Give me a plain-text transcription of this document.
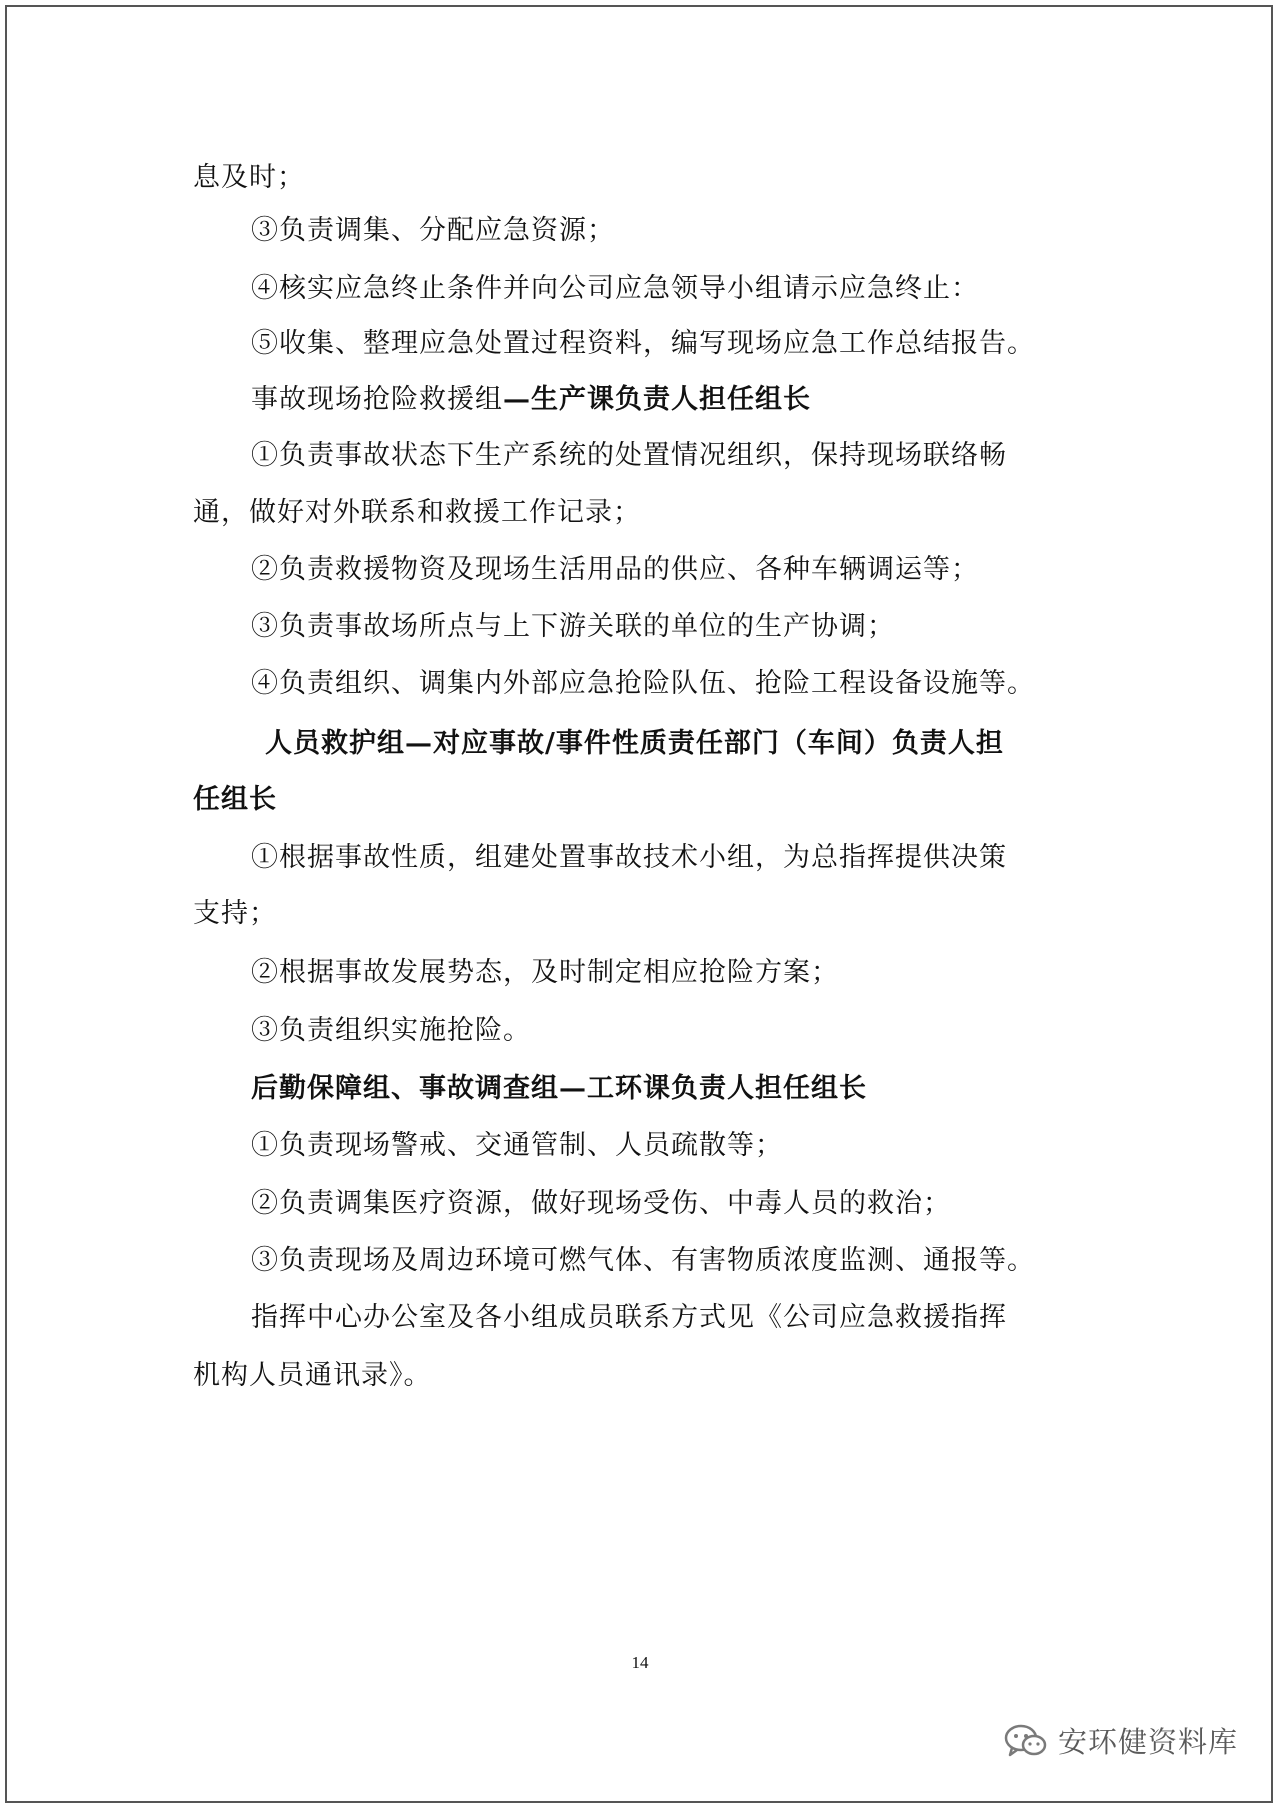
息及时；
③负责调集、分配应急资源；
④核实应急终止条件并向公司应急领导小组请示应急终止：
⑤收集、整理应急处置过程资料，编写现场应急工作总结报告。
事故现场抢险救援组—生产课负责人担任组长
①负责事故状态下生产系统的处置情况组织，保持现场联络畅
通，做好对外联系和救援工作记录；
②负责救援物资及现场生活用品的供应、各种车辆调运等；
③负责事故场所点与上下游关联的单位的生产协调；
④负责组织、调集内外部应急抢险队伍、抢险工程设备设施等。
人员救护组—对应事故/事件性质责任部门（车间）负责人担
任组长
①根据事故性质，组建处置事故技术小组，为总指挥提供决策
支持；
②根据事故发展势态，及时制定相应抢险方案；
③负责组织实施抢险。
后勤保障组、事故调查组—工环课负责人担任组长
①负责现场警戒、交通管制、人员疏散等；
②负责调集医疗资源，做好现场受伤、中毒人员的救治；
③负责现场及周边环境可燃气体、有害物质浓度监测、通报等。
指挥中心办公室及各小组成员联系方式见《公司应急救援指挥
机构人员通讯录》。
14
安环健资料库
